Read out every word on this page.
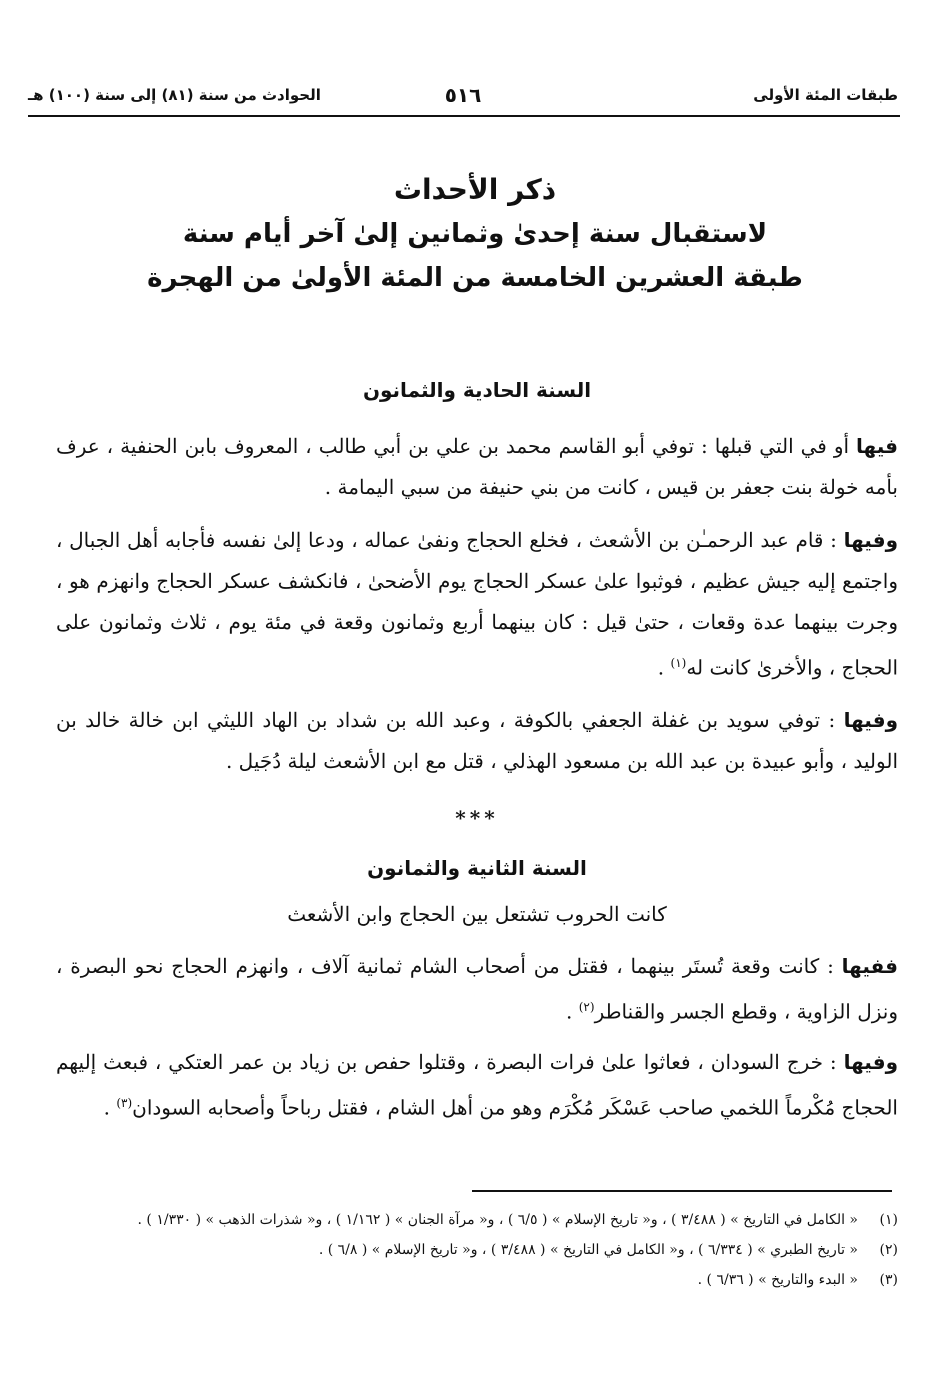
طبقات المئة الأولى
٥١٦
الحوادث من سنة (٨١) إلى سنة (١٠٠) هـ
ذكر الأحداث
لاستقبال سنة إحدىٰ وثمانين إلىٰ آخر أيام سنة
طبقة العشرين الخامسة من المئة الأولىٰ من الهجرة
السنة الحادية والثمانون
فيها أو في التي قبلها : توفي أبو القاسم محمد بن علي بن أبي طالب ، المعروف بابن الحنفية ، عرف بأمه خولة بنت جعفر بن قيس ، كانت من بني حنيفة من سبي اليمامة .
وفيها : قام عبد الرحمـٰن بن الأشعث ، فخلع الحجاج ونفىٰ عماله ، ودعا إلىٰ نفسه فأجابه أهل الجبال ، واجتمع إليه جيش عظيم ، فوثبوا علىٰ عسكر الحجاج يوم الأضحىٰ ، فانكشف عسكر الحجاج وانهزم هو ، وجرت بينهما عدة وقعات ، حتىٰ قيل : كان بينهما أربع وثمانون وقعة في مئة يوم ، ثلاث وثمانون على الحجاج ، والأخرىٰ كانت له$^{(١)}$ .
وفيها : توفي سويد بن غفلة الجعفي بالكوفة ، وعبد الله بن شداد بن الهاد الليثي ابن خالة خالد بن الوليد ، وأبو عبيدة بن عبد الله بن مسعود الهذلي ، قتل مع ابن الأشعث ليلة دُجَيل .
***
السنة الثانية والثمانون
كانت الحروب تشتعل بين الحجاج وابن الأشعث
ففيها : كانت وقعة تُستَر بينهما ، فقتل من أصحاب الشام ثمانية آلاف ، وانهزم الحجاج نحو البصرة ، ونزل الزاوية ، وقطع الجسر والقناطر$^{(٢)}$ .
وفيها : خرج السودان ، فعاثوا علىٰ فرات البصرة ، وقتلوا حفص بن زياد بن عمر العتكي ، فبعث إليهم الحجاج مُكْرماً اللخمي صاحب عَسْكَر مُكْرَم وهو من أهل الشام ، فقتل رباحاً وأصحابه السودان$^{(٣)}$ .
(١)
« الكامل في التاريخ » ( ٣/٤٨٨ ) ، و« تاريخ الإسلام » ( ٦/٥ ) ، و« مرآة الجنان » ( ١/١٦٢ ) ، و« شذرات الذهب » ( ١/٣٣٠ ) .
(٢)
« تاريخ الطبري » ( ٦/٣٣٤ ) ، و« الكامل في التاريخ » ( ٣/٤٨٨ ) ، و« تاريخ الإسلام » ( ٦/٨ ) .
(٣)
« البدء والتاريخ » ( ٦/٣٦ ) .
